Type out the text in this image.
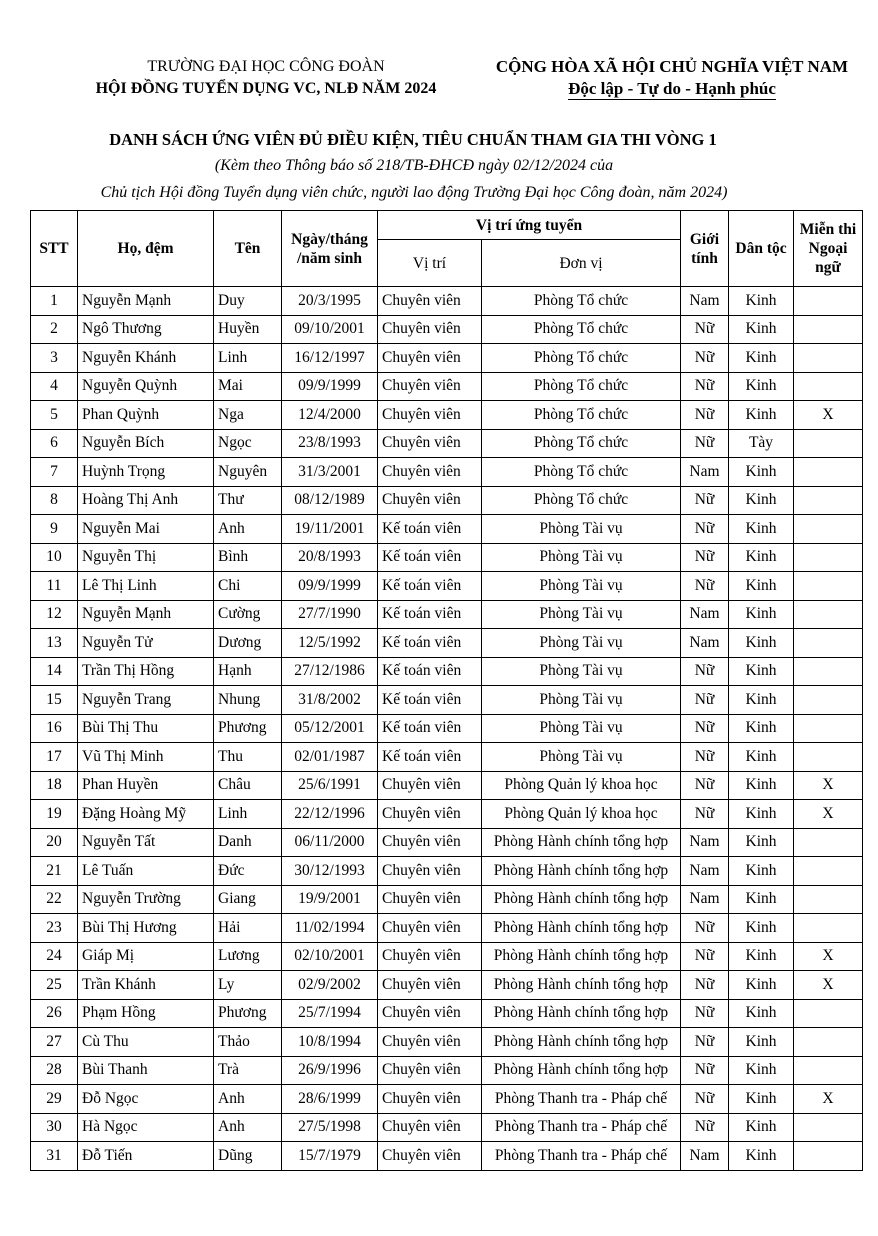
TRƯỜNG ĐẠI HỌC CÔNG ĐOÀN
HỘI ĐỒNG TUYỂN DỤNG VC, NLĐ NĂM 2024
CỘNG HÒA XÃ HỘI CHỦ NGHĨA VIỆT NAM
Độc lập - Tự do - Hạnh phúc
DANH SÁCH ỨNG VIÊN ĐỦ ĐIỀU KIỆN, TIÊU CHUẨN THAM GIA THI VÒNG 1
(Kèm theo Thông báo số 218/TB-ĐHCĐ ngày 02/12/2024 của
Chủ tịch Hội đồng Tuyển dụng viên chức, người lao động Trường Đại học Công đoàn, năm 2024)
STT	Họ, đệm	Tên	Ngày/tháng /năm sinh	Vị trí ứng tuyển		Giới tính	Dân tộc	Miễn thi Ngoại ngữ
				Vị trí	Đơn vị			
1	Nguyễn Mạnh	Duy	20/3/1995	Chuyên viên	Phòng Tổ chức	Nam	Kinh	
2	Ngô Thương	Huyền	09/10/2001	Chuyên viên	Phòng Tổ chức	Nữ	Kinh	
3	Nguyễn Khánh	Linh	16/12/1997	Chuyên viên	Phòng Tổ chức	Nữ	Kinh	
4	Nguyễn Quỳnh	Mai	09/9/1999	Chuyên viên	Phòng Tổ chức	Nữ	Kinh	
5	Phan Quỳnh	Nga	12/4/2000	Chuyên viên	Phòng Tổ chức	Nữ	Kinh	X
6	Nguyễn Bích	Ngọc	23/8/1993	Chuyên viên	Phòng Tổ chức	Nữ	Tày	
7	Huỳnh Trọng	Nguyên	31/3/2001	Chuyên viên	Phòng Tổ chức	Nam	Kinh	
8	Hoàng Thị Anh	Thư	08/12/1989	Chuyên viên	Phòng Tổ chức	Nữ	Kinh	
9	Nguyễn Mai	Anh	19/11/2001	Kế toán viên	Phòng Tài vụ	Nữ	Kinh	
10	Nguyễn Thị	Bình	20/8/1993	Kế toán viên	Phòng Tài vụ	Nữ	Kinh	
11	Lê Thị Linh	Chi	09/9/1999	Kế toán viên	Phòng Tài vụ	Nữ	Kinh	
12	Nguyễn Mạnh	Cường	27/7/1990	Kế toán viên	Phòng Tài vụ	Nam	Kinh	
13	Nguyễn Tử	Dương	12/5/1992	Kế toán viên	Phòng Tài vụ	Nam	Kinh	
14	Trần Thị Hồng	Hạnh	27/12/1986	Kế toán viên	Phòng Tài vụ	Nữ	Kinh	
15	Nguyễn Trang	Nhung	31/8/2002	Kế toán viên	Phòng Tài vụ	Nữ	Kinh	
16	Bùi Thị Thu	Phương	05/12/2001	Kế toán viên	Phòng Tài vụ	Nữ	Kinh	
17	Vũ Thị Minh	Thu	02/01/1987	Kế toán viên	Phòng Tài vụ	Nữ	Kinh	
18	Phan Huyền	Châu	25/6/1991	Chuyên viên	Phòng Quản lý khoa học	Nữ	Kinh	X
19	Đặng Hoàng Mỹ	Linh	22/12/1996	Chuyên viên	Phòng Quản lý khoa học	Nữ	Kinh	X
20	Nguyễn Tất	Danh	06/11/2000	Chuyên viên	Phòng Hành chính tổng hợp	Nam	Kinh	
21	Lê Tuấn	Đức	30/12/1993	Chuyên viên	Phòng Hành chính tổng hợp	Nam	Kinh	
22	Nguyễn Trường	Giang	19/9/2001	Chuyên viên	Phòng Hành chính tổng hợp	Nam	Kinh	
23	Bùi Thị Hương	Hải	11/02/1994	Chuyên viên	Phòng Hành chính tổng hợp	Nữ	Kinh	
24	Giáp Mị	Lương	02/10/2001	Chuyên viên	Phòng Hành chính tổng hợp	Nữ	Kinh	X
25	Trần Khánh	Ly	02/9/2002	Chuyên viên	Phòng Hành chính tổng hợp	Nữ	Kinh	X
26	Phạm Hồng	Phương	25/7/1994	Chuyên viên	Phòng Hành chính tổng hợp	Nữ	Kinh	
27	Cù Thu	Thảo	10/8/1994	Chuyên viên	Phòng Hành chính tổng hợp	Nữ	Kinh	
28	Bùi Thanh	Trà	26/9/1996	Chuyên viên	Phòng Hành chính tổng hợp	Nữ	Kinh	
29	Đỗ Ngọc	Anh	28/6/1999	Chuyên viên	Phòng Thanh tra - Pháp chế	Nữ	Kinh	X
30	Hà Ngọc	Anh	27/5/1998	Chuyên viên	Phòng Thanh tra - Pháp chế	Nữ	Kinh	
31	Đỗ Tiến	Dũng	15/7/1979	Chuyên viên	Phòng Thanh tra - Pháp chế	Nam	Kinh	
